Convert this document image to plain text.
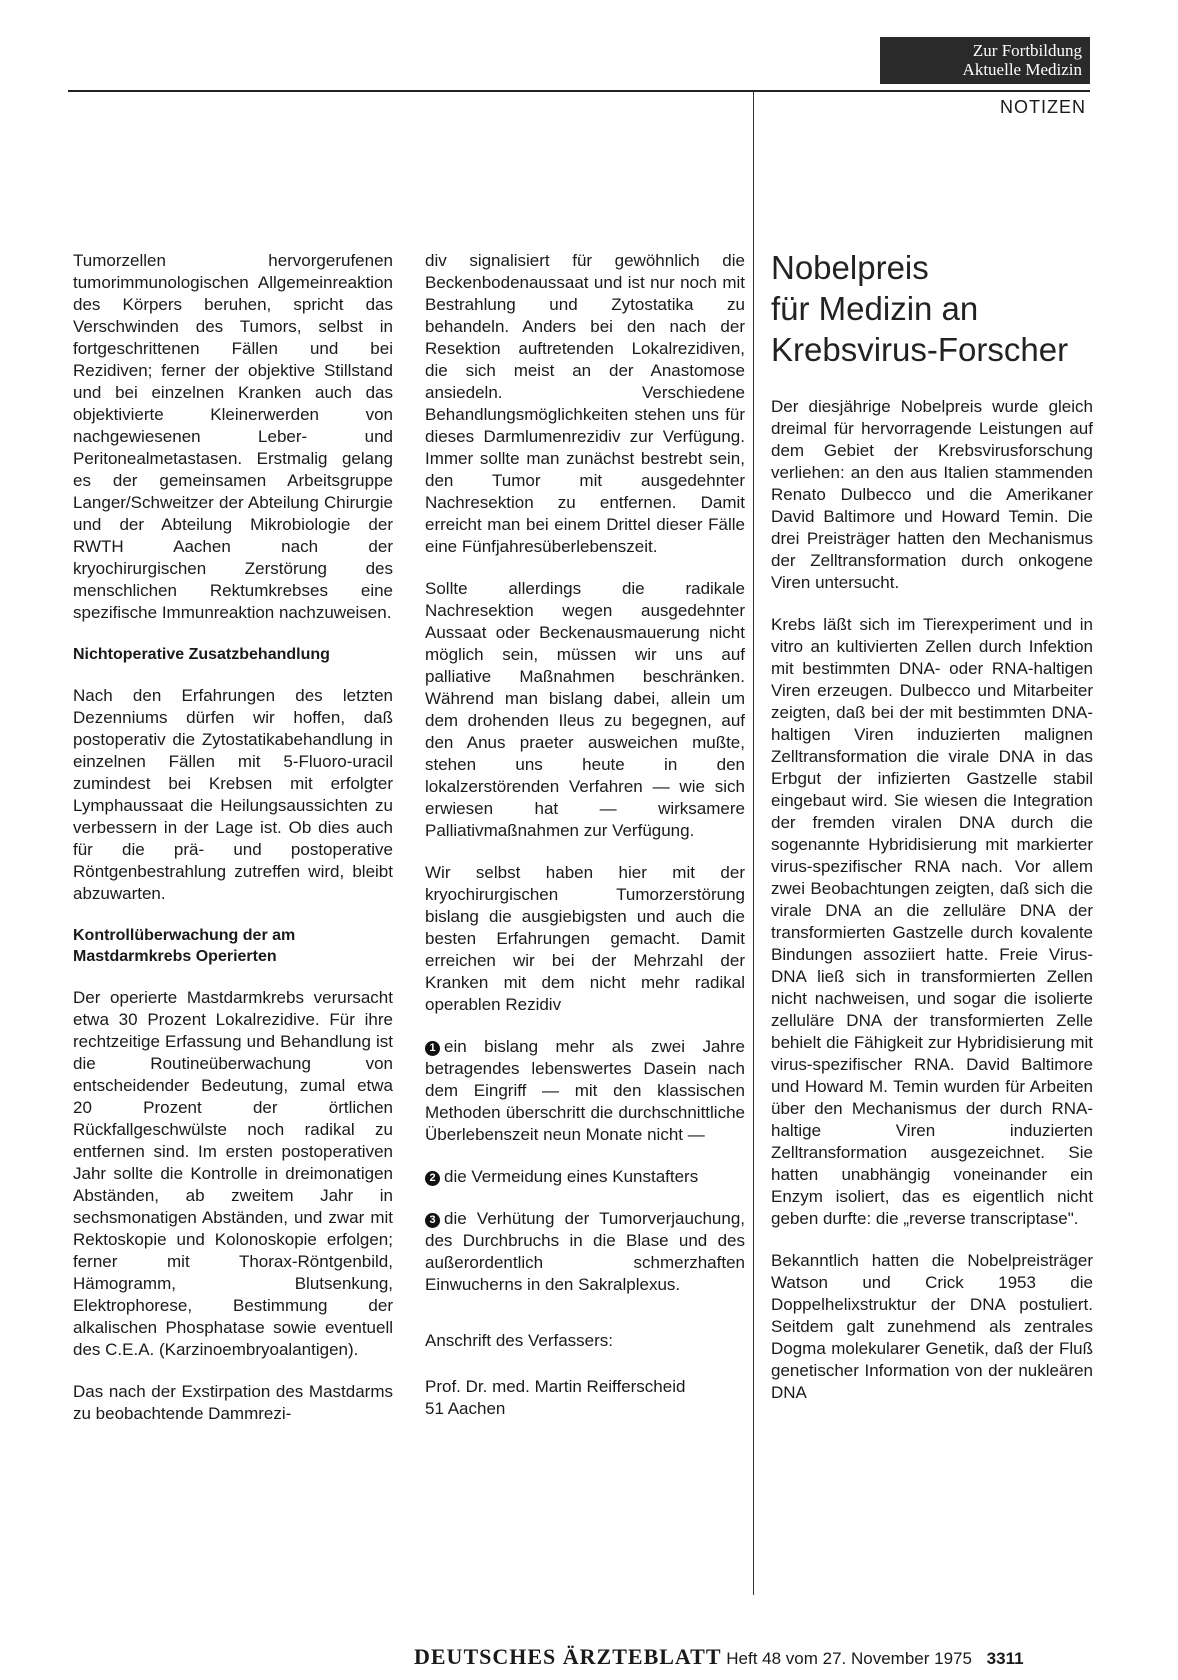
Zur Fortbildung
Aktuelle Medizin
NOTIZEN

Tumorzellen hervorgerufenen tumorimmunologischen Allgemeinreaktion des Körpers beruhen, spricht das Verschwinden des Tumors, selbst in fortgeschrittenen Fällen und bei Rezidiven; ferner der objektive Stillstand und bei einzelnen Kranken auch das objektivierte Kleinerwerden von nachgewiesenen Leber- und Peritonealmetastasen. Erstmalig gelang es der gemeinsamen Arbeitsgruppe Langer/Schweitzer der Abteilung Chirurgie und der Abteilung Mikrobiologie der RWTH Aachen nach der kryochirurgischen Zerstörung des menschlichen Rektumkrebses eine spezifische Immunreaktion nachzuweisen.

Nichtoperative Zusatzbehandlung

Nach den Erfahrungen des letzten Dezenniums dürfen wir hoffen, daß postoperativ die Zytostatikabehandlung in einzelnen Fällen mit 5-Fluoro-uracil zumindest bei Krebsen mit erfolgter Lymphaussaat die Heilungsaussichten zu verbessern in der Lage ist. Ob dies auch für die prä- und postoperative Röntgenbestrahlung zutreffen wird, bleibt abzuwarten.

Kontrollüberwachung der am Mastdarmkrebs Operierten

Der operierte Mastdarmkrebs verursacht etwa 30 Prozent Lokalrezidive. Für ihre rechtzeitige Erfassung und Behandlung ist die Routineüberwachung von entscheidender Bedeutung, zumal etwa 20 Prozent der örtlichen Rückfallgeschwülste noch radikal zu entfernen sind. Im ersten postoperativen Jahr sollte die Kontrolle in dreimonatigen Abständen, ab zweitem Jahr in sechsmonatigen Abständen, und zwar mit Rektoskopie und Kolonoskopie erfolgen; ferner mit Thorax-Röntgenbild, Hämogramm, Blutsenkung, Elektrophorese, Bestimmung der alkalischen Phosphatase sowie eventuell des C.E.A. (Karzinoembryoalantigen).

Das nach der Exstirpation des Mastdarms zu beobachtende Dammrezi-

div signalisiert für gewöhnlich die Beckenbodenaussaat und ist nur noch mit Bestrahlung und Zytostatika zu behandeln. Anders bei den nach der Resektion auftretenden Lokalrezidiven, die sich meist an der Anastomose ansiedeln. Verschiedene Behandlungsmöglichkeiten stehen uns für dieses Darmlumenrezidiv zur Verfügung. Immer sollte man zunächst bestrebt sein, den Tumor mit ausgedehnter Nachresektion zu entfernen. Damit erreicht man bei einem Drittel dieser Fälle eine Fünfjahresüberlebenszeit.

Sollte allerdings die radikale Nachresektion wegen ausgedehnter Aussaat oder Beckenausmauerung nicht möglich sein, müssen wir uns auf palliative Maßnahmen beschränken. Während man bislang dabei, allein um dem drohenden Ileus zu begegnen, auf den Anus praeter ausweichen mußte, stehen uns heute in den lokalzerstörenden Verfahren — wie sich erwiesen hat — wirksamere Palliativmaßnahmen zur Verfügung.

Wir selbst haben hier mit der kryochirurgischen Tumorzerstörung bislang die ausgiebigsten und auch die besten Erfahrungen gemacht. Damit erreichen wir bei der Mehrzahl der Kranken mit dem nicht mehr radikal operablen Rezidiv

1 ein bislang mehr als zwei Jahre betragendes lebenswertes Dasein nach dem Eingriff — mit den klassischen Methoden überschritt die durchschnittliche Überlebenszeit neun Monate nicht —

2 die Vermeidung eines Kunstafters

3 die Verhütung der Tumorverjauchung, des Durchbruchs in die Blase und des außerordentlich schmerzhaften Einwucherns in den Sakralplexus.

Anschrift des Verfassers:

Prof. Dr. med. Martin Reifferscheid
51 Aachen

Nobelpreis
für Medizin an
Krebsvirus-Forscher

Der diesjährige Nobelpreis wurde gleich dreimal für hervorragende Leistungen auf dem Gebiet der Krebsvirusforschung verliehen: an den aus Italien stammenden Renato Dulbecco und die Amerikaner David Baltimore und Howard Temin. Die drei Preisträger hatten den Mechanismus der Zelltransformation durch onkogene Viren untersucht.

Krebs läßt sich im Tierexperiment und in vitro an kultivierten Zellen durch Infektion mit bestimmten DNA- oder RNA-haltigen Viren erzeugen. Dulbecco und Mitarbeiter zeigten, daß bei der mit bestimmten DNA-haltigen Viren induzierten malignen Zelltransformation die virale DNA in das Erbgut der infizierten Gastzelle stabil eingebaut wird. Sie wiesen die Integration der fremden viralen DNA durch die sogenannte Hybridisierung mit markierter virus-spezifischer RNA nach. Vor allem zwei Beobachtungen zeigten, daß sich die virale DNA an die zelluläre DNA der transformierten Gastzelle durch kovalente Bindungen assoziiert hatte. Freie Virus-DNA ließ sich in transformierten Zellen nicht nachweisen, und sogar die isolierte zelluläre DNA der transformierten Zelle behielt die Fähigkeit zur Hybridisierung mit virus-spezifischer RNA. David Baltimore und Howard M. Temin wurden für Arbeiten über den Mechanismus der durch RNA-haltige Viren induzierten Zelltransformation ausgezeichnet. Sie hatten unabhängig voneinander ein Enzym isoliert, das es eigentlich nicht geben durfte: die „reverse transcriptase".

Bekanntlich hatten die Nobelpreisträger Watson und Crick 1953 die Doppelhelixstruktur der DNA postuliert. Seitdem galt zunehmend als zentrales Dogma molekularer Genetik, daß der Fluß genetischer Information von der nukleären DNA

DEUTSCHES ÄRZTEBLATT Heft 48 vom 27. November 1975 3311
